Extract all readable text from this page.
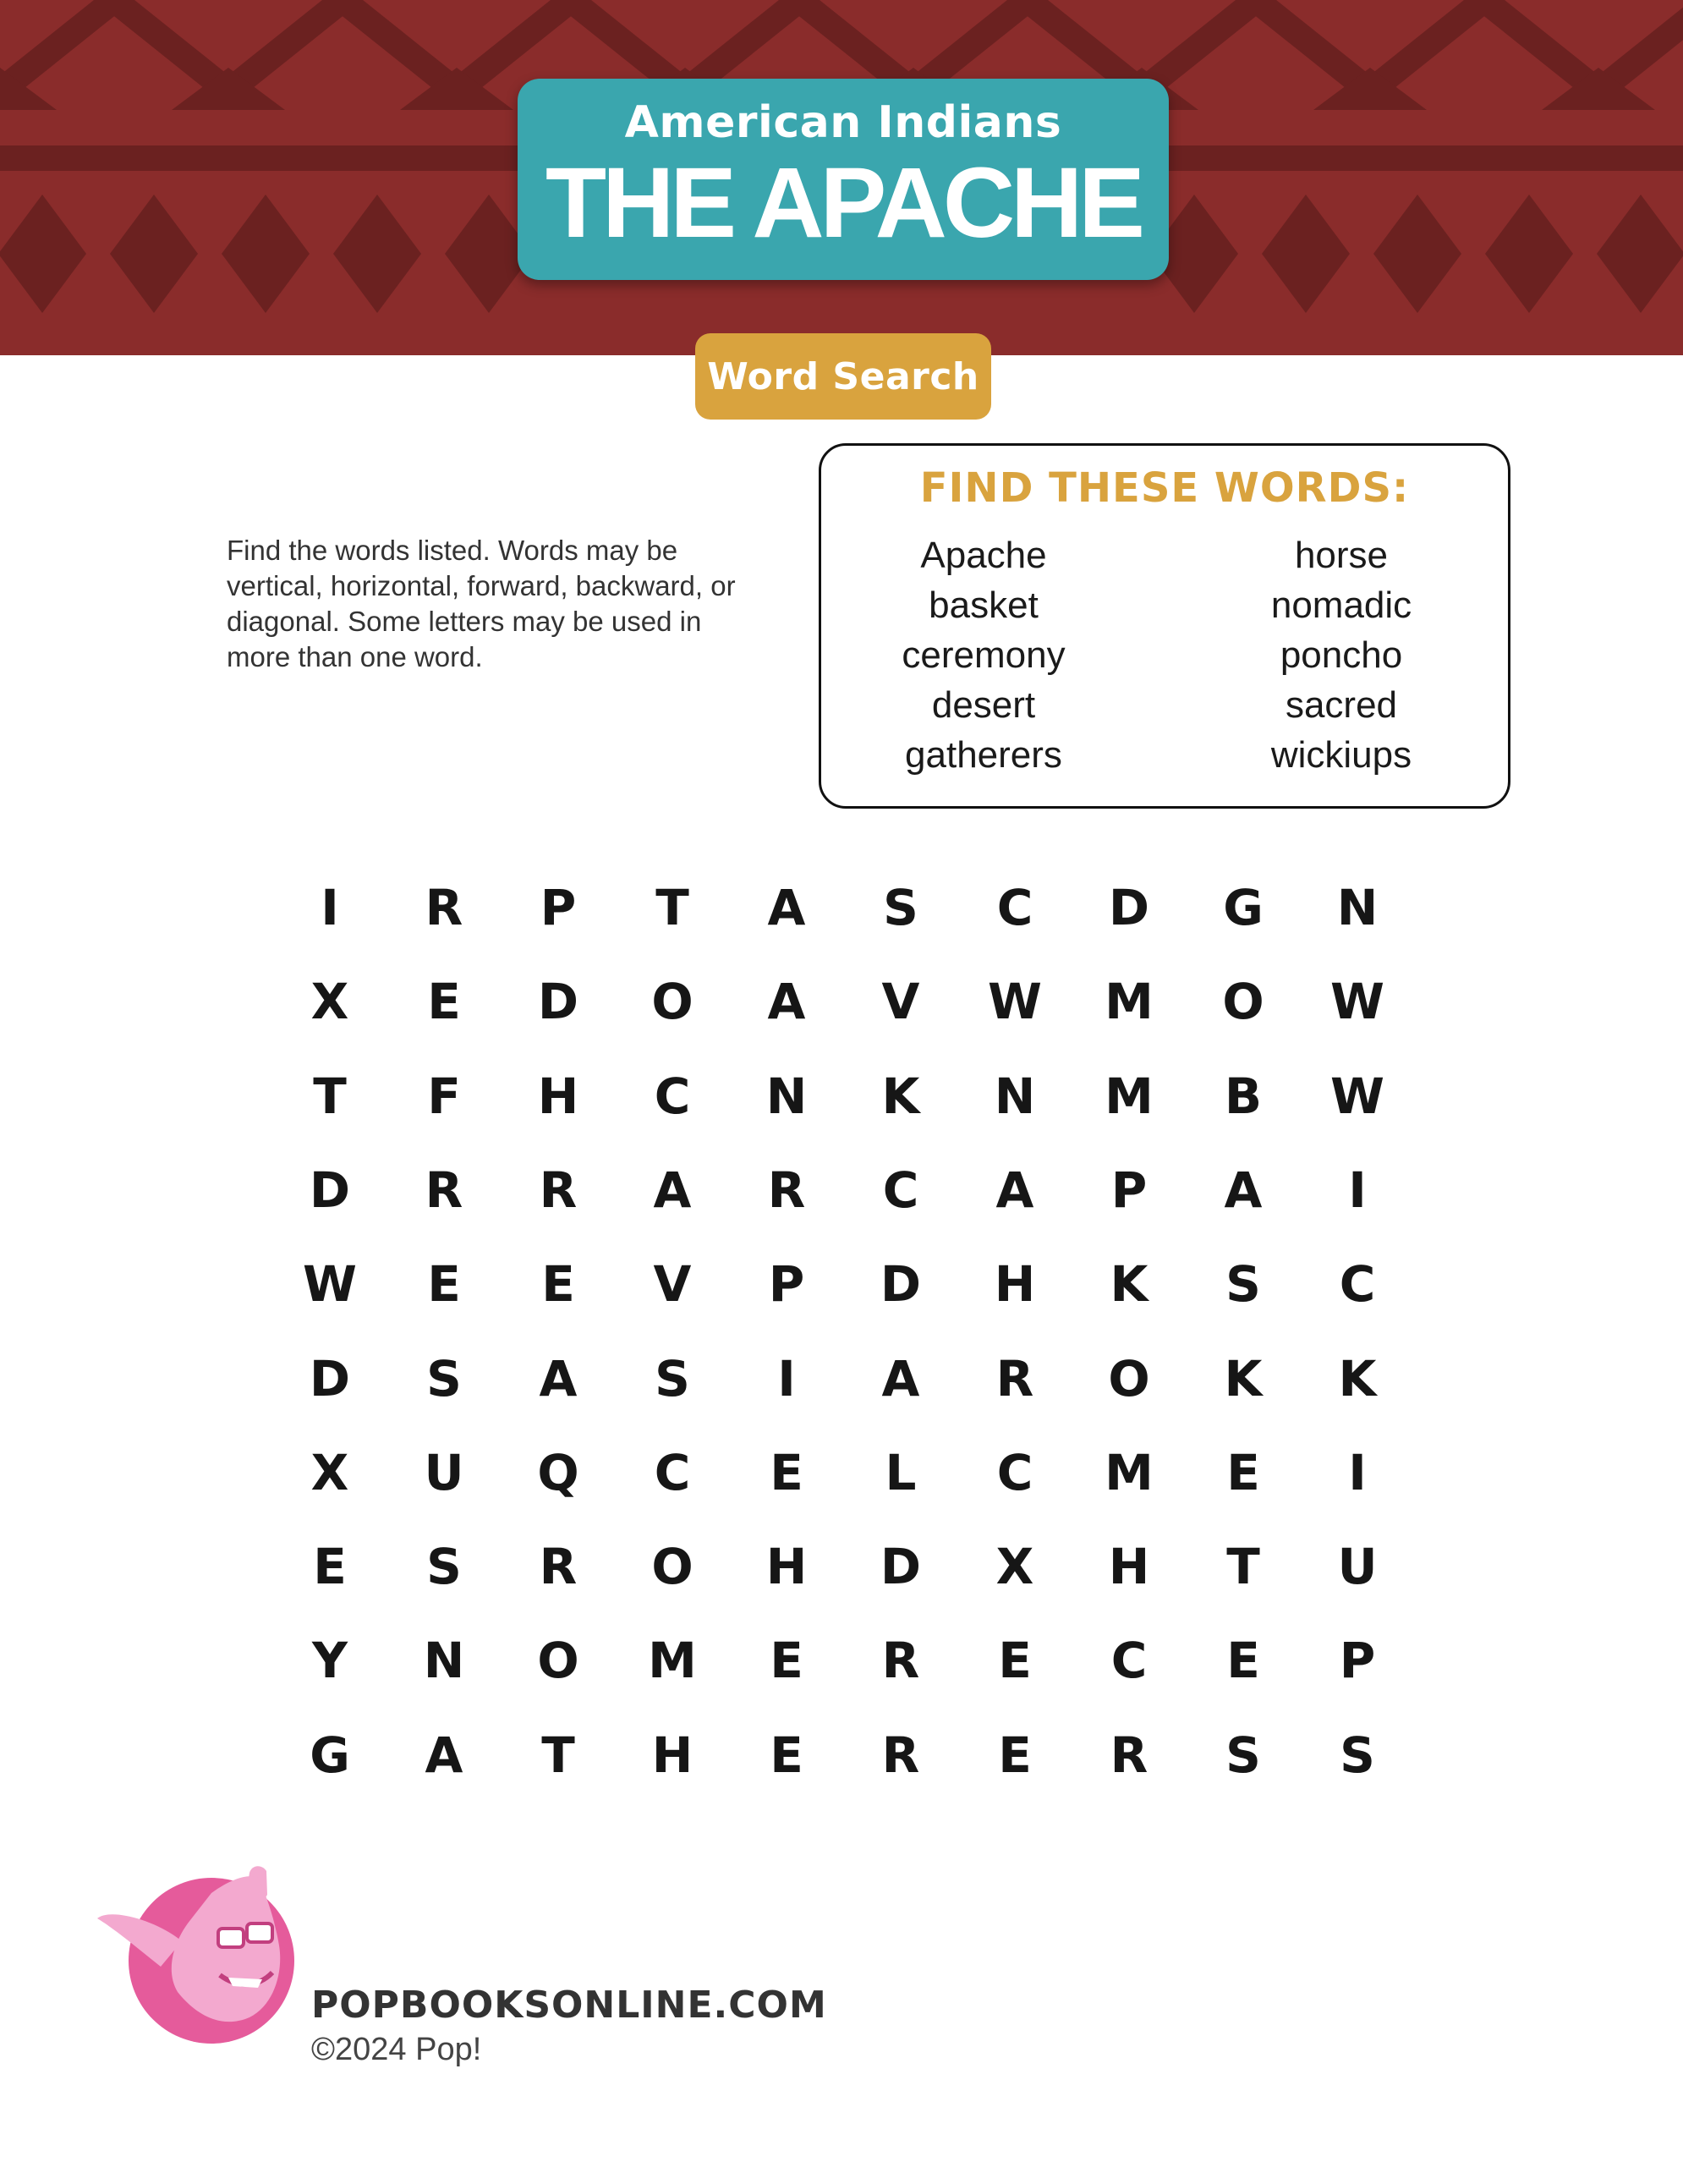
American Indians
THE APACHE
Word Search

Find the words listed. Words may be vertical, horizontal, forward, backward, or diagonal. Some letters may be used in more than one word.

FIND THESE WORDS:
Apache
basket
ceremony
desert
gatherers
horse
nomadic
poncho
sacred
wickiups
I	R	P	T	A	S	C	D G N
X	E	D O	A	V	W M O W
T	F	H	C	N	K	N M	B	W
D	R	R	A	R	C	A	P	A	I
W	E	E	V	P	D H	K	S	C
D	S	A	S	I	A	R	O	K	K
X	U Q	C	E	L	C	M	E	I
E	S	R	O H D	X	H	T	U
Y	N O M	E	R	E	C	E	P
G	A	T	H	E	R	E	R	S	S
POPBOOKSONLINE.COM
©2024 Pop!
